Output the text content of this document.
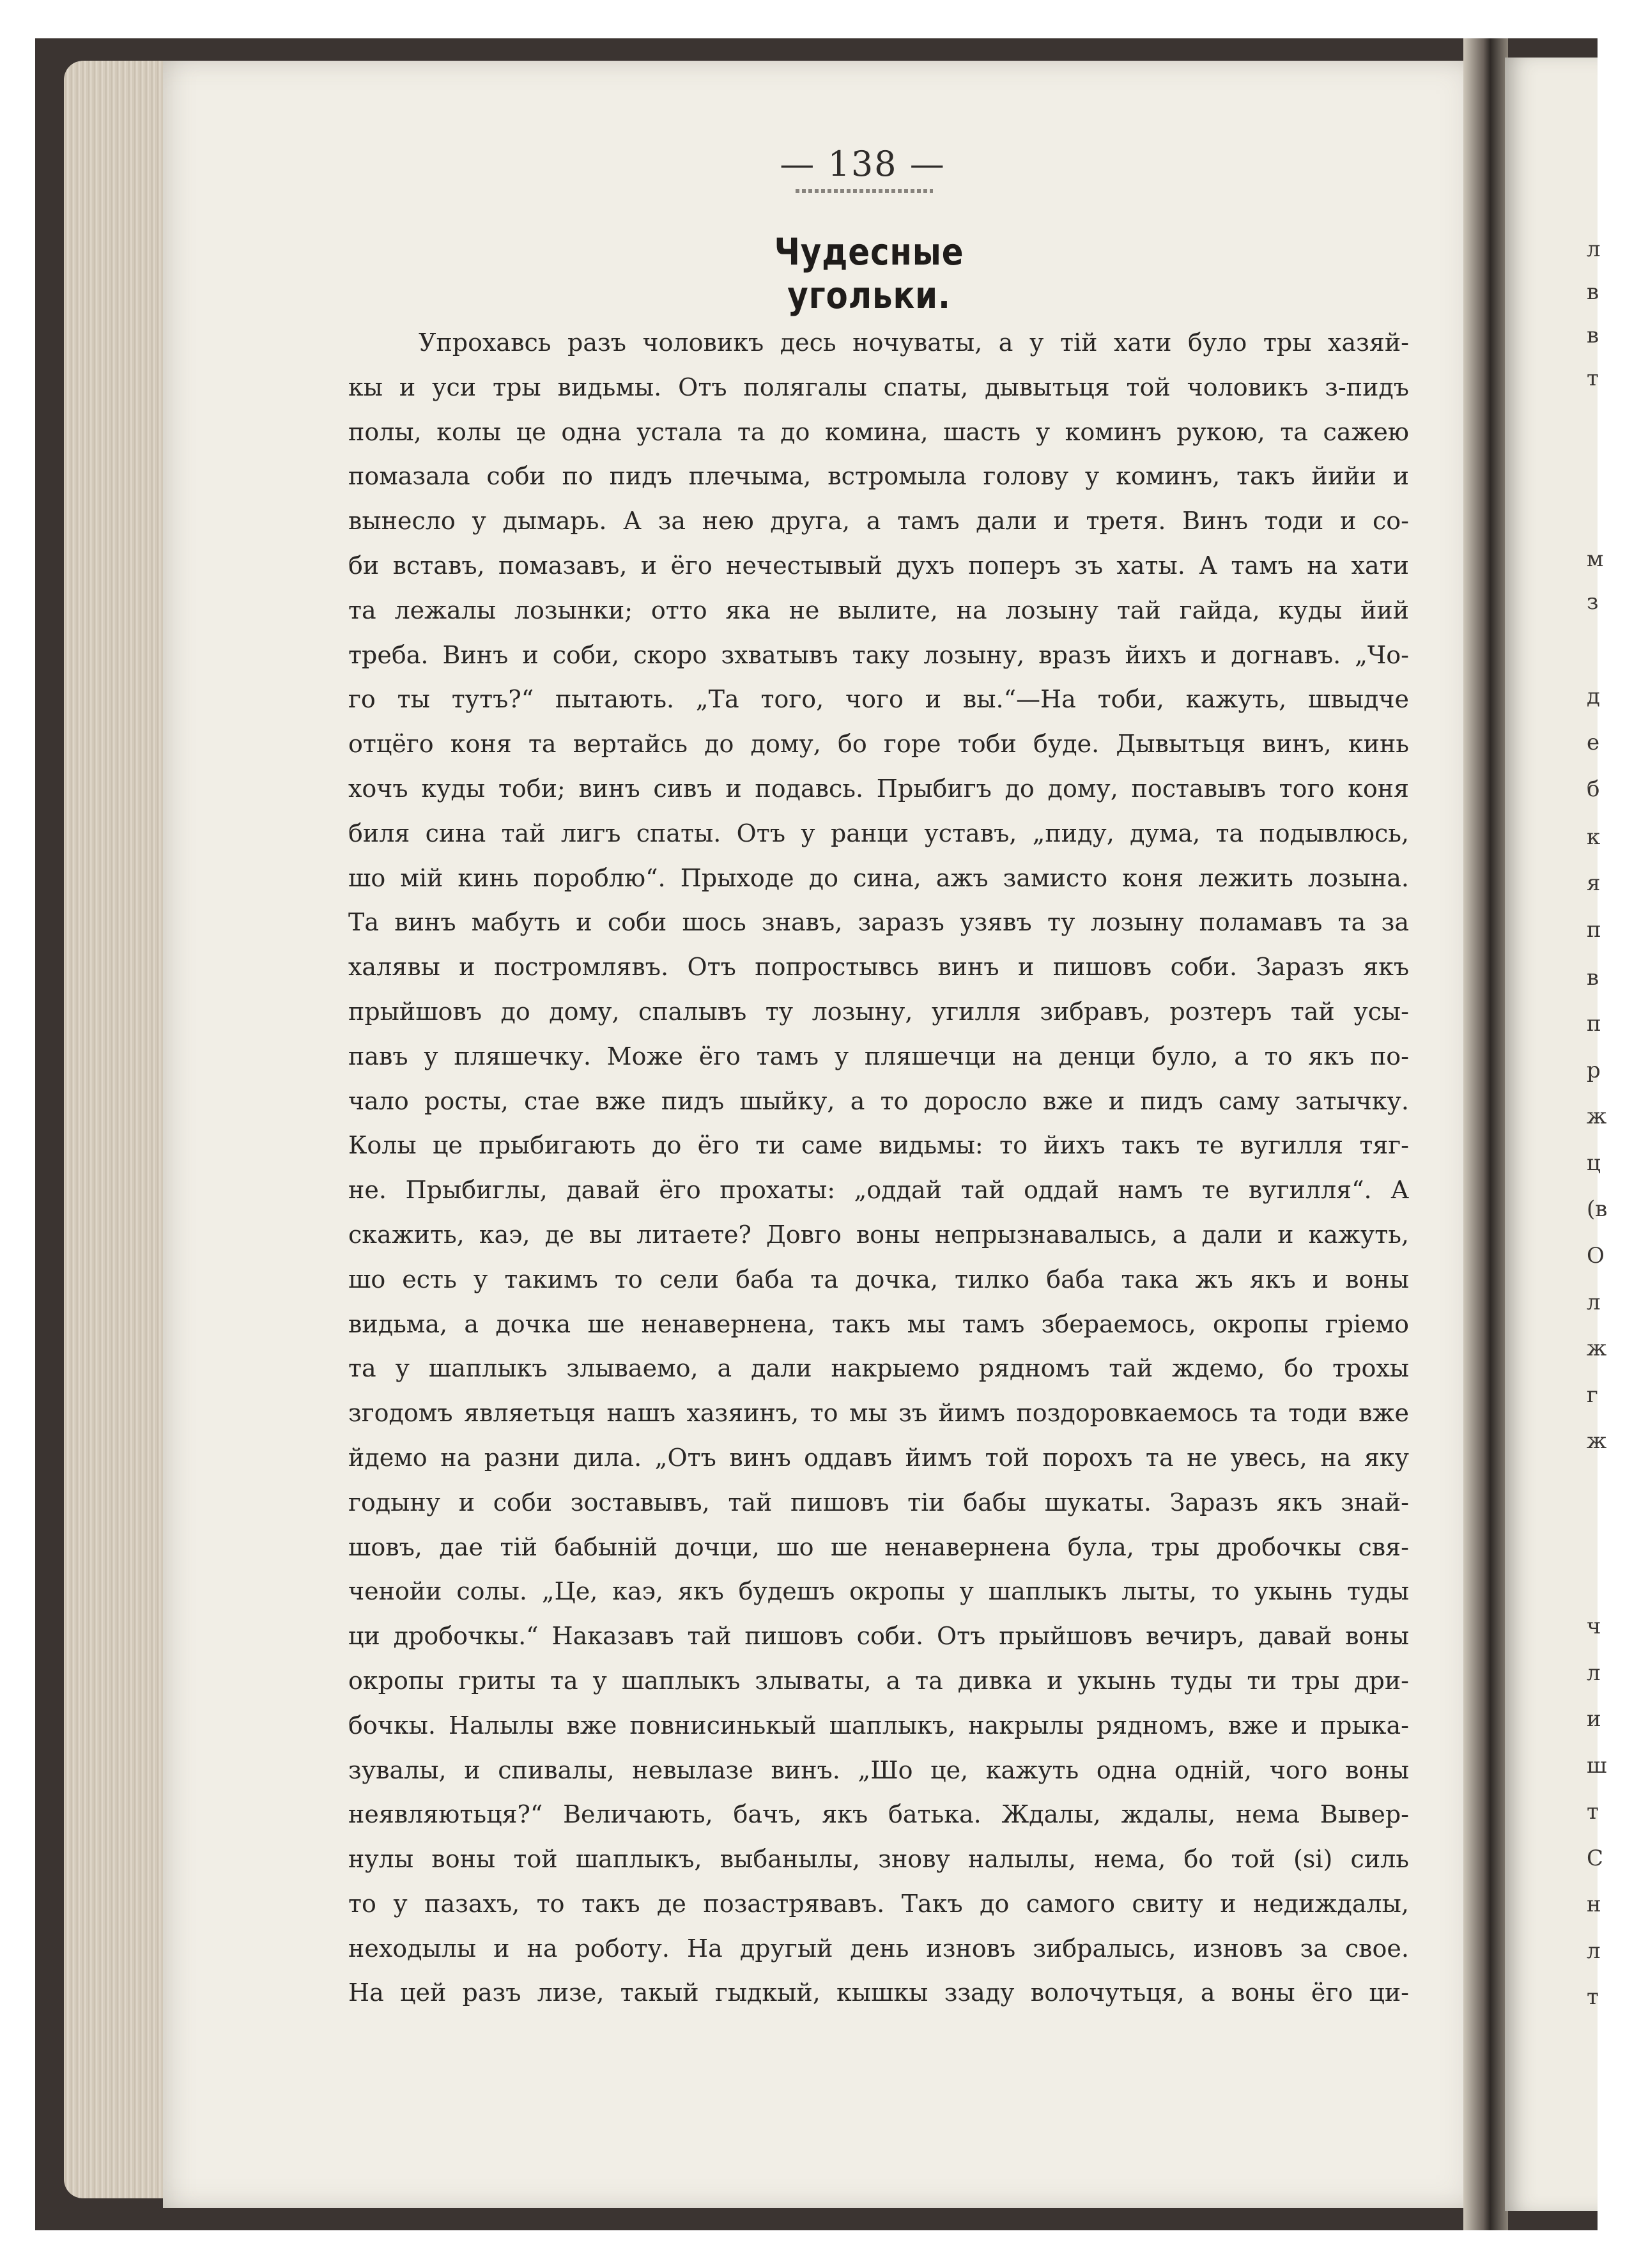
л
в
в
т
м
з
д
е
б
к
я
п
в
п
р
ж
ц
(в
О
л
ж
г
ж
ч
л
и
ш
т
С
н
л
т
— 138 —
Чудесные угольки.
Упрохавсь разъ чоловикъ десь ночуваты, а у тій хати було тры хазяй-
кы и уси тры видьмы. Отъ полягалы спаты, дывытьця той чоловикъ з-пидъ
полы, колы це одна устала та до комина, шасть у коминъ рукою, та сажею
помазала соби по пидъ плечыма, встромыла голову у коминъ, такъ йийи и
вынесло у дымарь. А за нею друга, а тамъ дали и третя. Винъ тоди и со-
би вставъ, помазавъ, и ёго нечестывый духъ поперъ зъ хаты. А тамъ на хати
та лежалы лозынки; отто яка не вылите, на лозыну тай гайда, куды йий
треба. Винъ и соби, скоро зхватывъ таку лозыну, вразъ йихъ и догнавъ. „Чо-
го ты тутъ?“ пытають. „Та того, чого и вы.“—На тоби, кажуть, швыдче
отцёго коня та вертайсь до дому, бо горе тоби буде. Дывытьця винъ, кинь
хочъ куды тоби; винъ сивъ и подавсь. Прыбигъ до дому, поставывъ того коня
биля сина тай лигъ спаты. Отъ у ранци уставъ, „пиду, дума, та подывлюсь,
шо мій кинь пороблю“. Прыходе до сина, ажъ замисто коня лежить лозына.
Та винъ мабуть и соби шось знавъ, заразъ узявъ ту лозыну поламавъ та за
халявы и постромлявъ. Отъ попростывсь винъ и пишовъ соби. Заразъ якъ
прыйшовъ до дому, спалывъ ту лозыну, угилля зибравъ, розтеръ тай усы-
павъ у пляшечку. Може ёго тамъ у пляшечци на денци було, а то якъ по-
чало росты, стае вже пидъ шыйку, а то доросло вже и пидъ саму затычку.
Колы це прыбигають до ёго ти саме видьмы: то йихъ такъ те вугилля тяг-
не. Прыбиглы, давай ёго прохаты: „оддай тай оддай намъ те вугилля“. А
скажить, каэ, де вы литаете? Довго воны непрызнавалысь, а дали и кажуть,
шо есть у такимъ то сели баба та дочка, тилко баба така жъ якъ и воны
видьма, а дочка ше ненавернена, такъ мы тамъ збераемось, окропы гріемо
та у шаплыкъ злываемо, а дали накрыемо рядномъ тай ждемо, бо трохы
згодомъ являетьця нашъ хазяинъ, то мы зъ йимъ поздоровкаемось та тоди вже
йдемо на разни дила. „Отъ винъ оддавъ йимъ той порохъ та не увесь, на яку
годыну и соби зоставывъ, тай пишовъ тіи бабы шукаты. Заразъ якъ знай-
шовъ, дае тій бабыній дочци, шо ше ненавернена була, тры дробочкы свя-
ченойи солы. „Це, каэ, якъ будешъ окропы у шаплыкъ лыты, то укынь туды
ци дробочкы.“ Наказавъ тай пишовъ соби. Отъ прыйшовъ вечиръ, давай воны
окропы гриты та у шаплыкъ злываты, а та дивка и укынь туды ти тры дри-
бочкы. Налылы вже повнисинькый шаплыкъ, накрылы рядномъ, вже и прыка-
зувалы, и спивалы, невылазе винъ. „Шо це, кажуть одна одній, чого воны
неявляютьця?“ Величають, бачъ, якъ батька. Ждалы, ждалы, нема Вывер-
нулы воны той шаплыкъ, выбанылы, знову налылы, нема, бо той (si) силь
то у пазахъ, то такъ де позастрявавъ. Такъ до самого свиту и недиждалы,
неходылы и на роботу. На другый день изновъ зибралысь, изновъ за свое.
На цей разъ лизе, такый гыдкый, кышкы ззаду волочутьця, а воны ёго ци-
